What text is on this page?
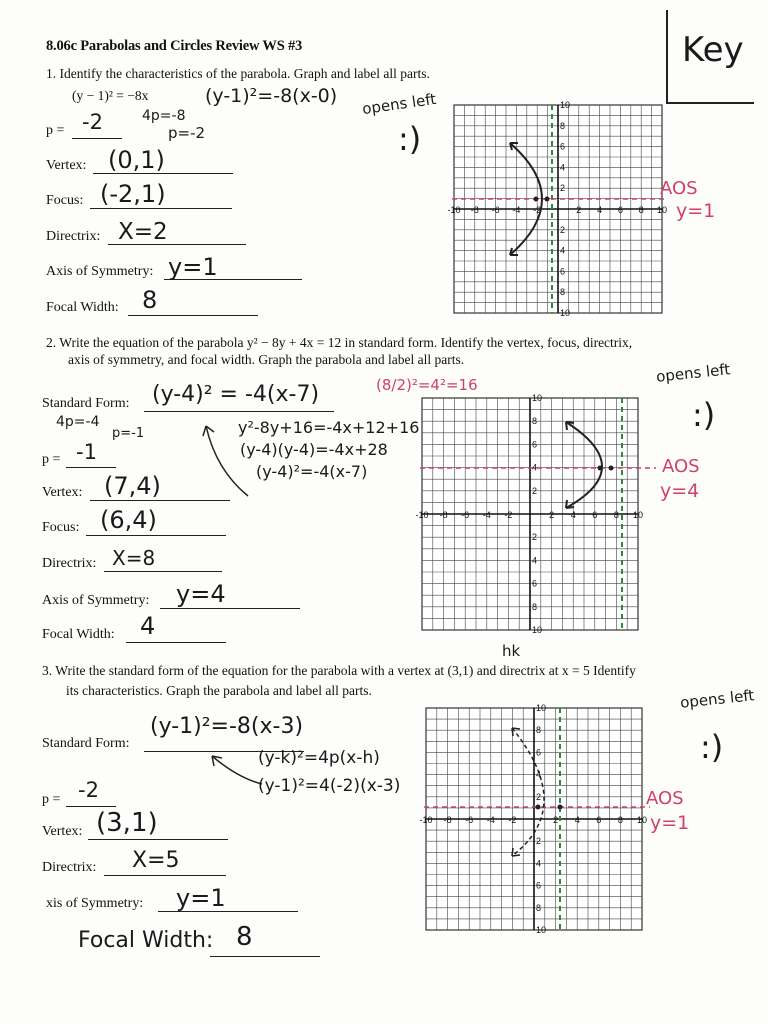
8.06c Parabolas and Circles Review WS #3	Key
1. Identify the characteristics of the parabola. Graph and label all parts.
(y − 1)² = −8x	(y-1)²=-8(x-0)
4p=-8
p=-2
opens left
:)
p = -2
Vertex: (0,1)
Focus: (-2,1)
Directrix: X=2
Axis of Symmetry: y=1
Focal Width: 8
-10
10
-8
8
-6
6
-4
4
-2
2
2
2
4
4
6
6
8
8
10
10
AOS
y=1
2. Write the equation of the parabola y² − 8y + 4x = 12 in standard form. Identify the vertex, focus, directrix,
axis of symmetry, and focal width. Graph the parabola and label all parts.
Standard Form: (y-4)² = -4(x-7)
4p=-4
p=-1
(8/2)²=4²=16
y²-8y+16=-4x+12+16
(y-4)(y-4)=-4x+28
(y-4)²=-4(x-7)
opens left
:)
p = -1
Vertex: (7,4)
Focus: (6,4)
Directrix: X=8
Axis of Symmetry: y=4
Focal Width: 4
-10
10
-8
8
-6
6
-4
4
-2
2
2
2
4
4
6
6
8
8
10
10
AOS
y=4
hk
3. Write the standard form of the equation for the parabola with a vertex at (3,1) and directrix at x = 5 Identify
its characteristics. Graph the parabola and label all parts.
Standard Form:
(y-1)²=-8(x-3)
(y-k)²=4p(x-h)
(y-1)²=4(-2)(x-3)
opens left
:)
p = -2
Vertex: (3,1)
Directrix: X=5
xis of Symmetry: y=1
Focal Width: 8
-10
10
-8
8
-6
6
-4
4
-2
2
2
2
4
4
6
6
8
8
10
10
AOS
y=1
